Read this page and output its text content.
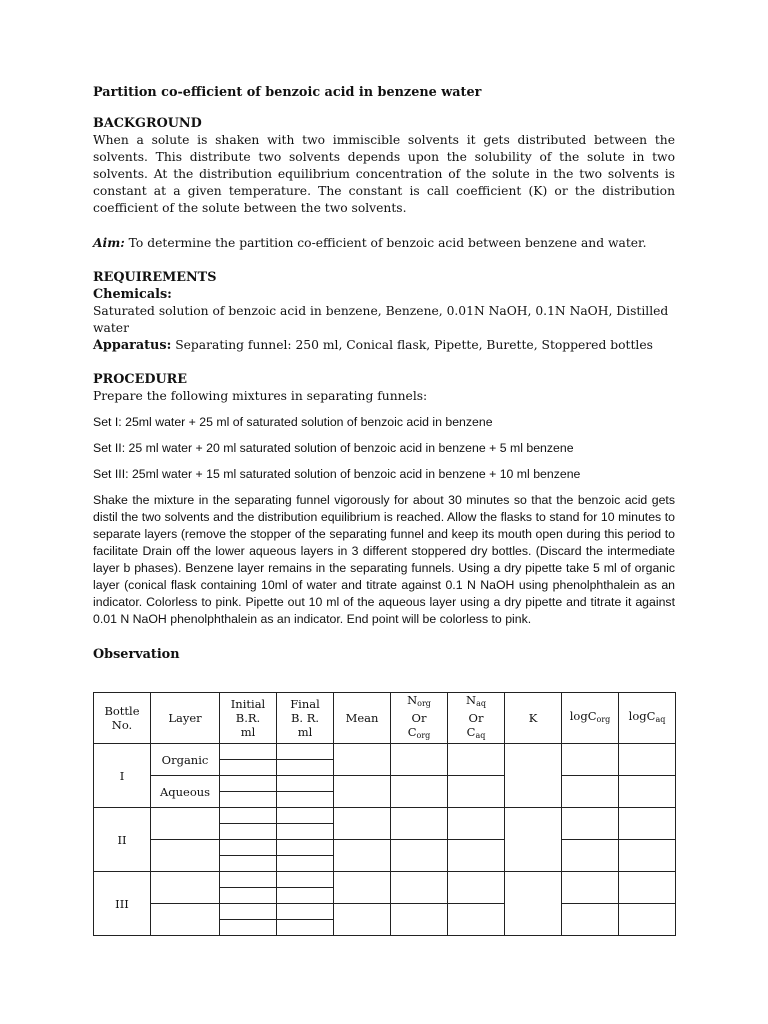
Partition co-efficient of benzoic acid in benzene water

BACKGROUND

When a solute is shaken with two immiscible solvents it gets distributed between the solvents. This distribute two solvents depends upon the solubility of the solute in two solvents. At the distribution equilibrium concentration of the solute in the two solvents is constant at a given temperature. The constant is call coefficient (K) or the distribution coefficient of the solute between the two solvents.

Aim: To determine the partition co-efficient of benzoic acid between benzene and water.

REQUIREMENTS

Chemicals:

Saturated solution of benzoic acid in benzene, Benzene, 0.01N NaOH, 0.1N NaOH, Distilled water

Apparatus: Separating funnel: 250 ml, Conical flask, Pipette, Burette, Stoppered bottles

PROCEDURE

Prepare the following mixtures in separating funnels:

Set I: 25ml water + 25 ml of saturated solution of benzoic acid in benzene

Set II: 25 ml water + 20 ml saturated solution of benzoic acid in benzene + 5 ml benzene

Set III: 25ml water + 15 ml saturated solution of benzoic acid in benzene + 10 ml benzene

Shake the mixture in the separating funnel vigorously for about 30 minutes so that the benzoic acid gets distil the two solvents and the distribution equilibrium is reached. Allow the flasks to stand for 10 minutes to separate layers (remove the stopper of the separating funnel and keep its mouth open during this period to facilitate Drain off the lower aqueous layers in 3 different stoppered dry bottles. (Discard the intermediate layer b phases). Benzene layer remains in the separating funnels. Using a dry pipette take 5 ml of organic layer (conical flask containing 10ml of water and titrate against 0.1 N NaOH using phenolphthalein as an indicator. Colorless to pink. Pipette out 10 ml of the aqueous layer using a dry pipette and titrate it against 0.01 N NaOH phenolphthalein as an indicator. End point will be colorless to pink.

Observation

Bottle
No.	Layer	Initial
B.R.
ml	Final
B. R.
ml	Mean	$N_{org}$
Or
$C_{org}$	$N_{aq}$
Or
$C_{aq}$	K	logC$_{org}$	logC$_{aq}$
I	Organic								

	Aqueous								

II									

III									
